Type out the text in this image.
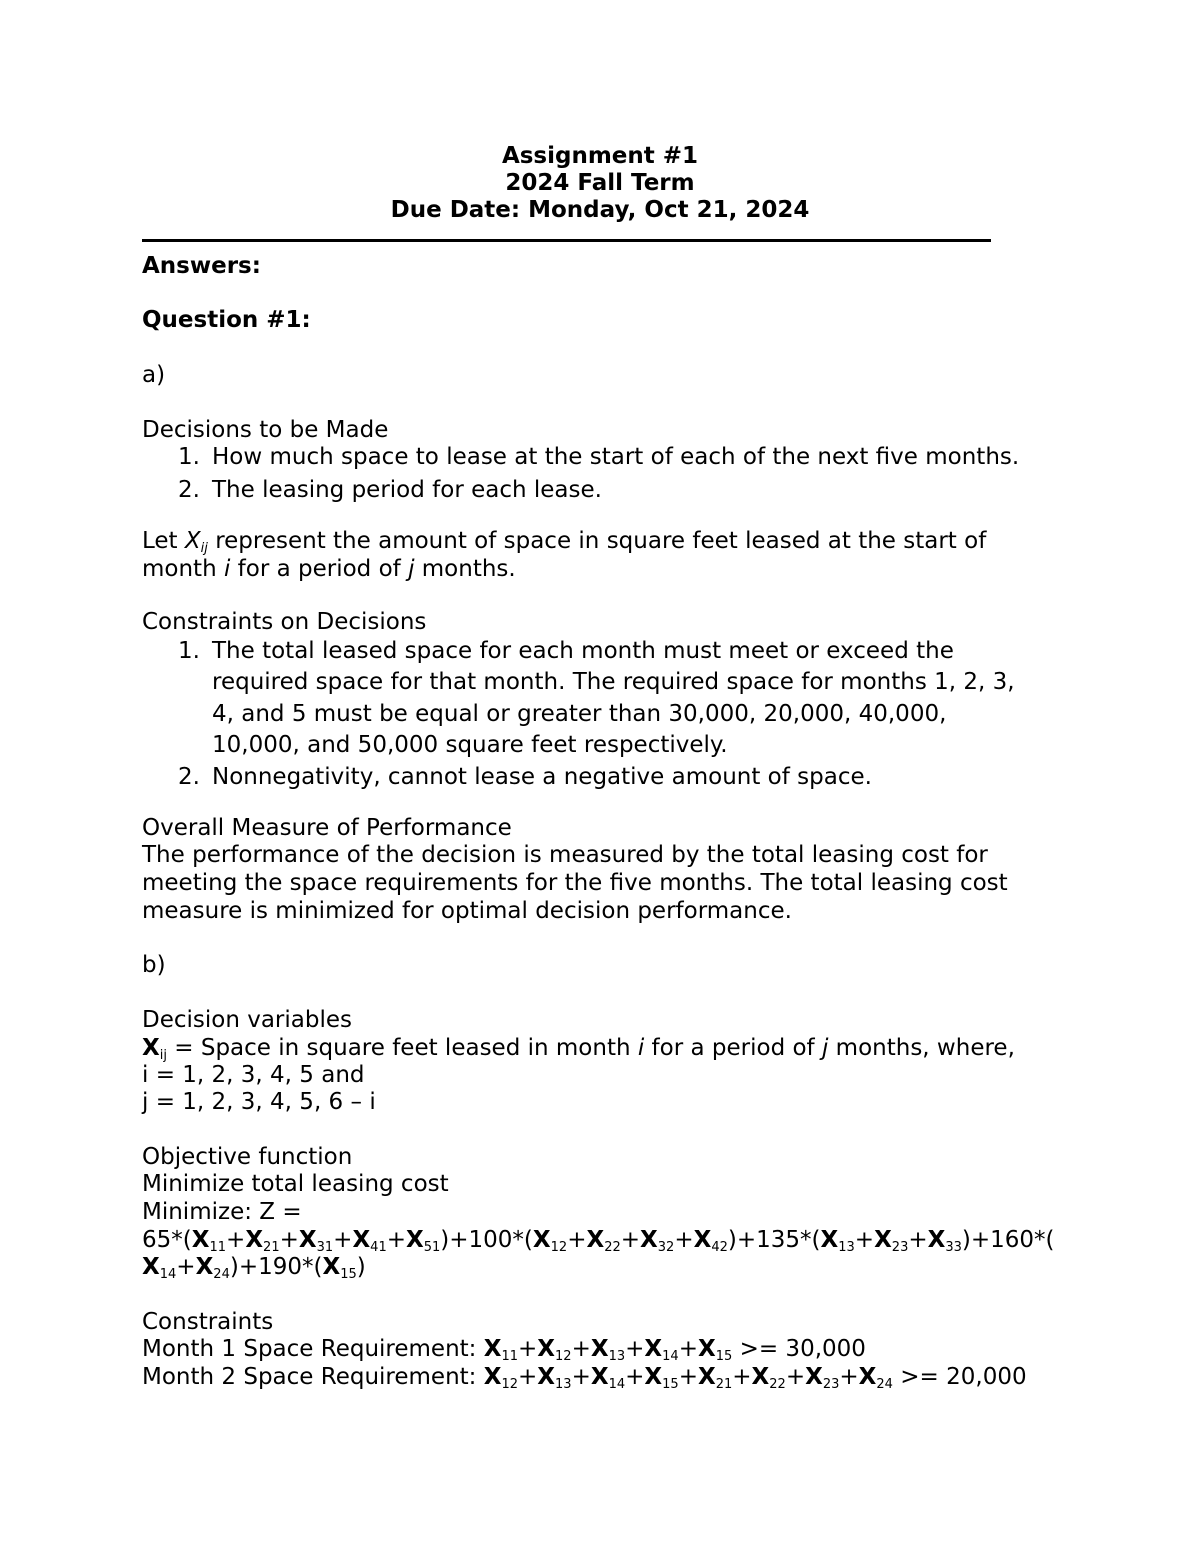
Assignment #1
2024 Fall Term
Due Date: Monday, Oct 21, 2024
Answers:
Question #1:
a)
Decisions to be Made
1. How much space to lease at the start of each of the next five months.
2. The leasing period for each lease.
Let $X_{ij}$ represent the amount of space in square feet leased at the start of
month i for a period of j months.
Constraints on Decisions
1. The total leased space for each month must meet or exceed the
required space for that month. The required space for months 1, 2, 3,
4, and 5 must be equal or greater than 30,000, 20,000, 40,000,
10,000, and 50,000 square feet respectively.
2. Nonnegativity, cannot lease a negative amount of space.
Overall Measure of Performance
The performance of the decision is measured by the total leasing cost for
meeting the space requirements for the five months. The total leasing cost
measure is minimized for optimal decision performance.
b)
Decision variables
$X_{ij}$ = Space in square feet leased in month i for a period of j months, where,
i = 1, 2, 3, 4, 5 and
j = 1, 2, 3, 4, 5, 6 – i
Objective function
Minimize total leasing cost
Minimize: Z =
$65*(X_{11}+X_{21}+X_{31}+X_{41}+X_{51})+100*(X_{12}+X_{22}+X_{32}+X_{42})+135*(X_{13}+X_{23}+X_{33})+160*$(
$X_{14}+X_{24})+190*(X_{15})$
Constraints
Month 1 Space Requirement: $X_{11}+X_{12}+X_{13}+X_{14}+X_{15} >= 30,000$
Month 2 Space Requirement: $X_{12}+X_{13}+X_{14}+X_{15}+X_{21}+X_{22}+X_{23}+X_{24} >= 20,000$
